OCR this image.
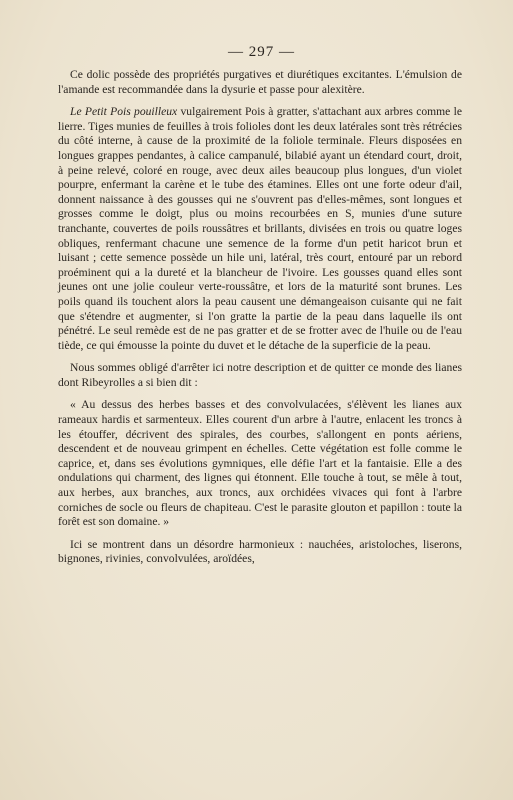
— 297 —

Ce dolic possède des propriétés purgatives et diurétiques excitantes. L'émulsion de l'amande est recommandée dans la dysurie et passe pour alexitère.

Le Petit Pois pouilleux vulgairement Pois à gratter, s'attachant aux arbres comme le lierre. Tiges munies de feuilles à trois folioles dont les deux latérales sont très rétrécies du côté interne, à cause de la proximité de la foliole terminale. Fleurs disposées en longues grappes pendantes, à calice campanulé, bilabié ayant un étendard court, droit, à peine relevé, coloré en rouge, avec deux ailes beaucoup plus longues, d'un violet pourpre, enfermant la carène et le tube des étamines. Elles ont une forte odeur d'ail, donnent naissance à des gousses qui ne s'ouvrent pas d'elles-mêmes, sont longues et grosses comme le doigt, plus ou moins recourbées en S, munies d'une suture tranchante, couvertes de poils roussâtres et brillants, divisées en trois ou quatre loges obliques, renfermant chacune une semence de la forme d'un petit haricot brun et luisant ; cette semence possède un hile uni, latéral, très court, entouré par un rebord proéminent qui a la dureté et la blancheur de l'ivoire. Les gousses quand elles sont jeunes ont une jolie couleur verte-roussâtre, et lors de la maturité sont brunes. Les poils quand ils touchent alors la peau causent une démangeaison cuisante qui ne fait que s'étendre et augmenter, si l'on gratte la partie de la peau dans laquelle ils ont pénétré. Le seul remède est de ne pas gratter et de se frotter avec de l'huile ou de l'eau tiède, ce qui émousse la pointe du duvet et le détache de la superficie de la peau.

Nous sommes obligé d'arrêter ici notre description et de quitter ce monde des lianes dont Ribeyrolles a si bien dit :

« Au dessus des herbes basses et des convolvulacées, s'élèvent les lianes aux rameaux hardis et sarmenteux. Elles courent d'un arbre à l'autre, enlacent les troncs à les étouffer, décrivent des spirales, des courbes, s'allongent en ponts aériens, descendent et de nouveau grimpent en échelles. Cette végétation est folle comme le caprice, et, dans ses évolutions gymniques, elle défie l'art et la fantaisie. Elle a des ondulations qui charment, des lignes qui étonnent. Elle touche à tout, se mêle à tout, aux herbes, aux branches, aux troncs, aux orchidées vivaces qui font à l'arbre corniches de socle ou fleurs de chapiteau. C'est le parasite glouton et papillon : toute la forêt est son domaine. »

Ici se montrent dans un désordre harmonieux : nauchées, aristoloches, liserons, bignones, rivinies, convolvulées, aroïdées,
